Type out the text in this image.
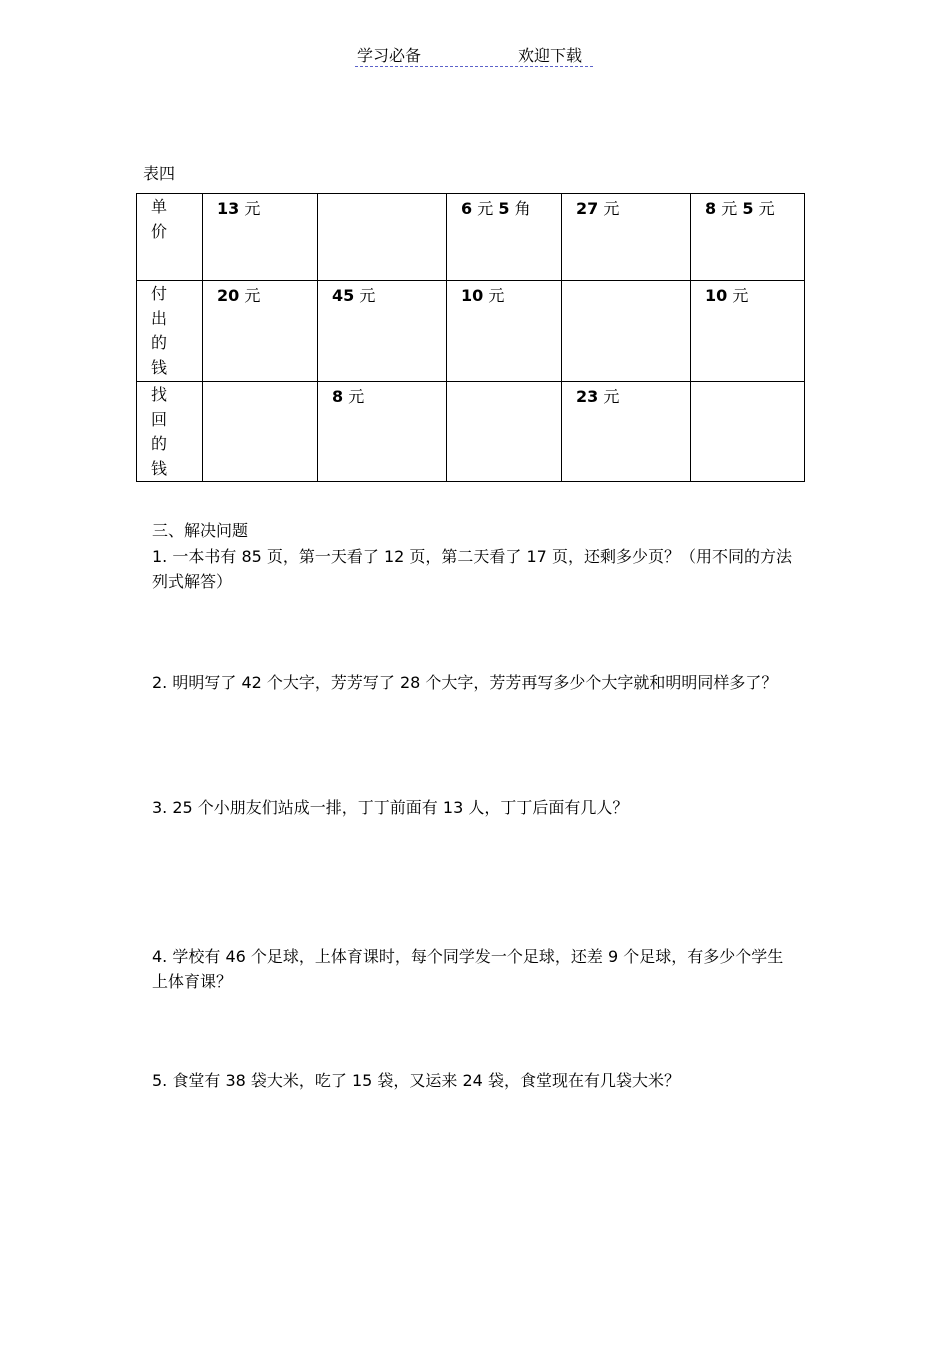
学习必备	欢迎下载
表四
单价	13 元		6 元 5 角	27 元	8 元 5 元

付出的钱	20 元	45 元	10 元		10 元

找回的钱		8 元		23 元	
三、解决问题
1. 一本书有 85 页，第一天看了 12 页，第二天看了 17 页，还剩多少页？（用不同的方法列式解答）
2. 明明写了 42 个大字，芳芳写了 28 个大字，芳芳再写多少个大字就和明明同样多了？
3. 25 个小朋友们站成一排，丁丁前面有 13 人，丁丁后面有几人？
4. 学校有 46 个足球，上体育课时，每个同学发一个足球，还差 9 个足球，有多少个学生上体育课？
5. 食堂有 38 袋大米，吃了 15 袋，又运来 24 袋，食堂现在有几袋大米？
